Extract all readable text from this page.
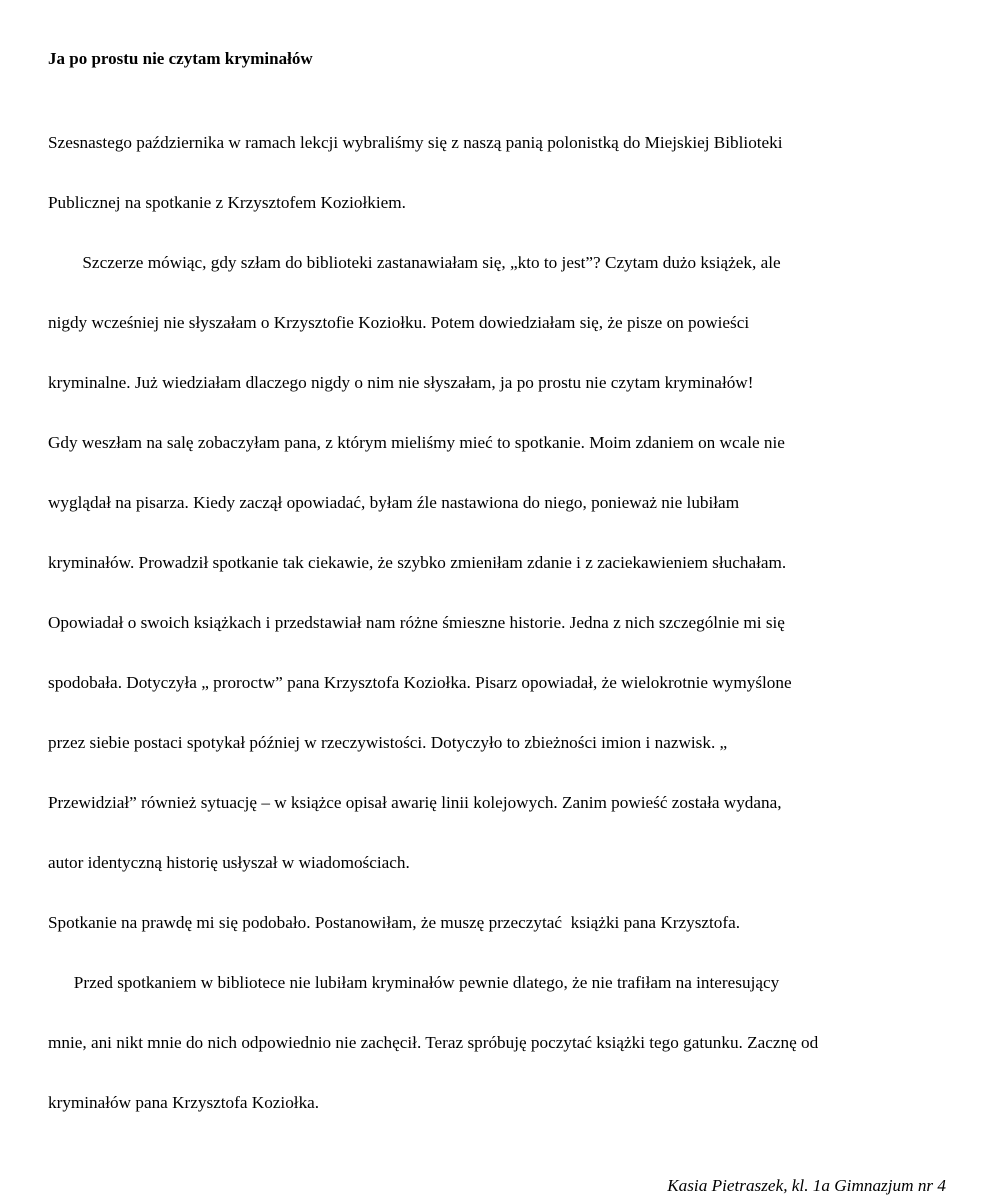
Ja po prostu nie czytam kryminałów

Szesnastego października w ramach lekcji wybraliśmy się z naszą panią polonistką do Miejskiej Biblioteki

Publicznej na spotkanie z Krzysztofem Koziołkiem.

Szczerze mówiąc, gdy szłam do biblioteki zastanawiałam się, „kto to jest”? Czytam dużo książek, ale

nigdy wcześniej nie słyszałam o Krzysztofie Koziołku. Potem dowiedziałam się, że pisze on powieści

kryminalne. Już wiedziałam dlaczego nigdy o nim nie słyszałam, ja po prostu nie czytam kryminałów!

Gdy weszłam na salę zobaczyłam pana, z którym mieliśmy mieć to spotkanie. Moim zdaniem on wcale nie

wyglądał na pisarza. Kiedy zaczął opowiadać, byłam źle nastawiona do niego, ponieważ nie lubiłam

kryminałów. Prowadził spotkanie tak ciekawie, że szybko zmieniłam zdanie i z zaciekawieniem słuchałam.

Opowiadał o swoich książkach i przedstawiał nam różne śmieszne historie. Jedna z nich szczególnie mi się

spodobała. Dotyczyła „ proroctw” pana Krzysztofa Koziołka. Pisarz opowiadał, że wielokrotnie wymyślone

przez siebie postaci spotykał później w rzeczywistości. Dotyczyło to zbieżności imion i nazwisk. „

Przewidział” również sytuację – w książce opisał awarię linii kolejowych. Zanim powieść została wydana,

autor identyczną historię usłyszał w wiadomościach.

Spotkanie na prawdę mi się podobało. Postanowiłam, że muszę przeczytać  książki pana Krzysztofa.

Przed spotkaniem w bibliotece nie lubiłam kryminałów pewnie dlatego, że nie trafiłam na interesujący

mnie, ani nikt mnie do nich odpowiednio nie zachęcił. Teraz spróbuję poczytać książki tego gatunku. Zacznę od

kryminałów pana Krzysztofa Koziołka.

Kasia Pietraszek, kl. 1a Gimnazjum nr 4
